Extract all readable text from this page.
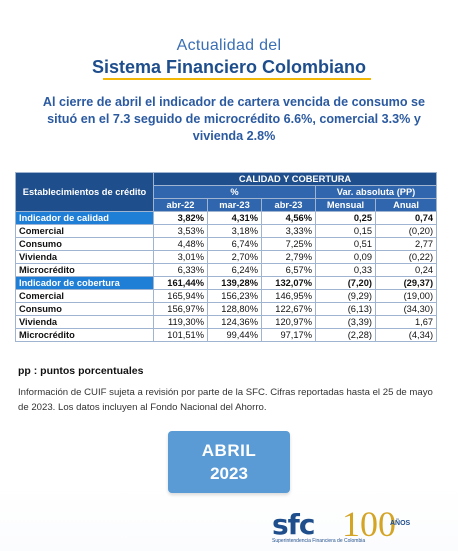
Actualidad del
Sistema Financiero Colombiano
Al cierre de abril el indicador de cartera vencida de consumo se situó en el 7.3 seguido de microcrédito 6.6%, comercial 3.3% y vivienda 2.8%
Establecimientos de crédito	CALIDAD Y COBERTURA				
	%			Var. absoluta (PP)	
	abr-22	mar-23	abr-23	Mensual	Anual
Indicador de calidad	3,82%	4,31%	4,56%	0,25	0,74
Comercial	3,53%	3,18%	3,33%	0,15	(0,20)
Consumo	4,48%	6,74%	7,25%	0,51	2,77
Vivienda	3,01%	2,70%	2,79%	0,09	(0,22)
Microcrédito	6,33%	6,24%	6,57%	0,33	0,24
Indicador de cobertura	161,44%	139,28%	132,07%	(7,20)	(29,37)
Comercial	165,94%	156,23%	146,95%	(9,29)	(19,00)
Consumo	156,97%	128,80%	122,67%	(6,13)	(34,30)
Vivienda	119,30%	124,36%	120,97%	(3,39)	1,67
Microcrédito	101,51%	99,44%	97,17%	(2,28)	(4,34)
pp : puntos porcentuales
Información de CUIF sujeta a revisión por parte de la SFC. Cifras reportadas hasta el 25 de mayo de 2023. Los datos incluyen al Fondo Nacional del Ahorro.
ABRIL
2023
sfc 100
AÑOS
Superintendencia Financiera de Colombia
